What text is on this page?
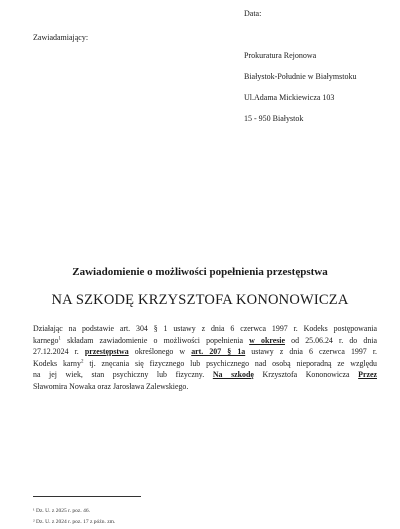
Data:
Zawiadamiający:
Prokuratura Rejonowa
Białystok-Południe w Białymstoku
Ul.Adama Mickiewicza 103
15 - 950 Białystok
Zawiadomienie o możliwości popełnienia przestępstwa
NA SZKODĘ KRZYSZTOFA KONONOWICZA
Działając na podstawie art. 304 § 1 ustawy z dnia 6 czerwca 1997 r. Kodeks postępowania
karnego$^1$ składam zawiadomienie o możliwości popełnienia w okresie od 25.06.24 r. do dnia
27.12.2024 r. przestępstwa określonego w art. 207 § 1a ustawy z dnia 6 czerwca 1997 r.
Kodeks karny$^2$ tj. znęcania się fizycznego lub psychicznego nad osobą nieporadną ze względu
na jej wiek, stan psychiczny lub fizyczny. Na szkodę Krzysztofa Kononowicza Przez
Sławomira Nowaka oraz Jarosława Zalewskiego.
¹ Dz. U. z 2025 r. poz. 46.
² Dz. U. z 2024 r. poz. 17 z późn. zm.
